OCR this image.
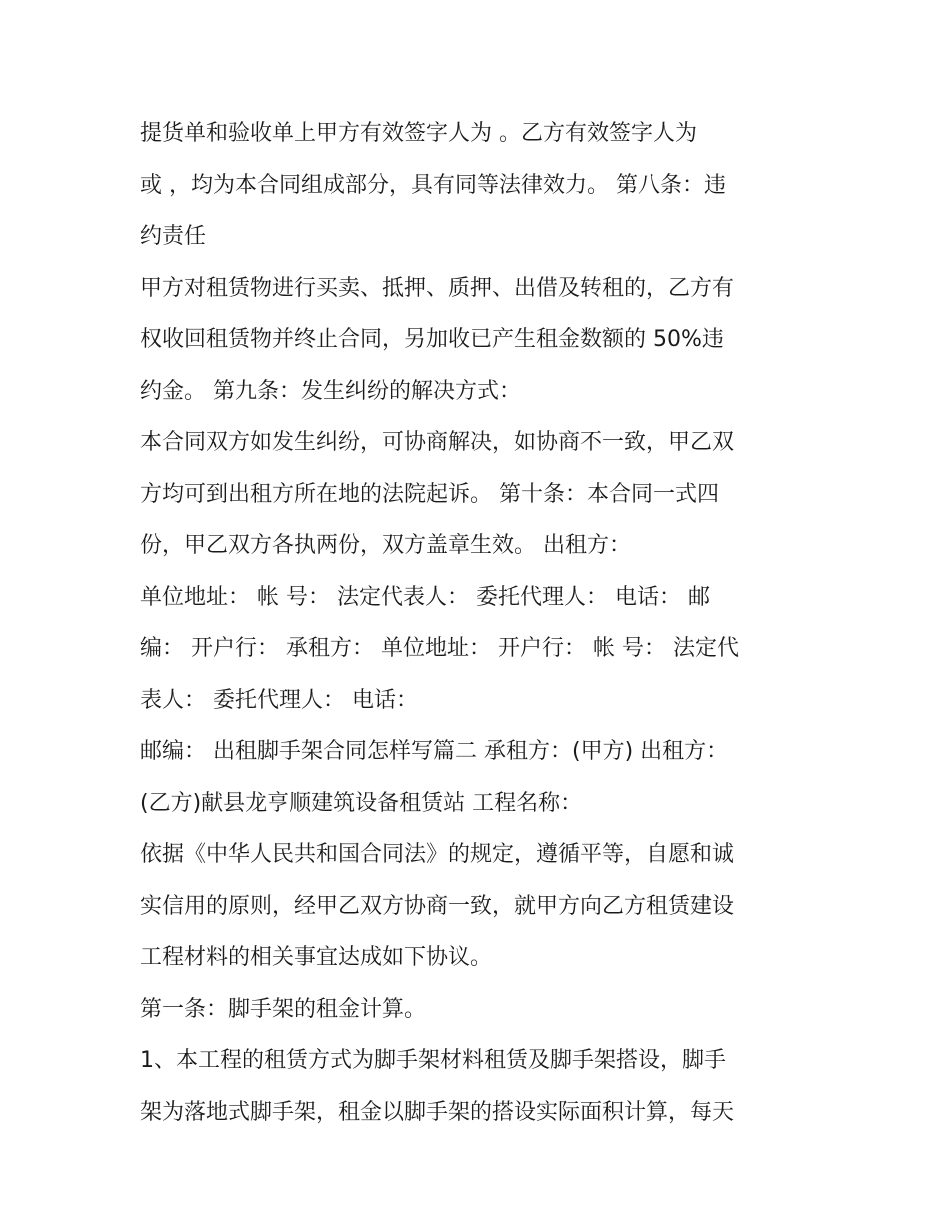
提货单和验收单上甲方有效签字人为 。乙方有效签字人为
或 ，均为本合同组成部分，具有同等法律效力。 第八条：违
约责任
甲方对租赁物进行买卖、抵押、质押、出借及转租的，乙方有
权收回租赁物并终止合同，另加收已产生租金数额的 50%违
约金。 第九条：发生纠纷的解决方式：
本合同双方如发生纠纷，可协商解决，如协商不一致，甲乙双
方均可到出租方所在地的法院起诉。 第十条：本合同一式四
份，甲乙双方各执两份，双方盖章生效。 出租方：
单位地址： 帐 号： 法定代表人： 委托代理人： 电话： 邮
编： 开户行： 承租方： 单位地址： 开户行： 帐 号： 法定代
表人： 委托代理人： 电话：
邮编： 出租脚手架合同怎样写篇二 承租方：(甲方) 出租方：
(乙方)献县龙亨顺建筑设备租赁站 工程名称：
依据《中华人民共和国合同法》的规定，遵循平等，自愿和诚
实信用的原则，经甲乙双方协商一致，就甲方向乙方租赁建设
工程材料的相关事宜达成如下协议。
第一条：脚手架的租金计算。
1、本工程的租赁方式为脚手架材料租赁及脚手架搭设，脚手
架为落地式脚手架，租金以脚手架的搭设实际面积计算，每天
